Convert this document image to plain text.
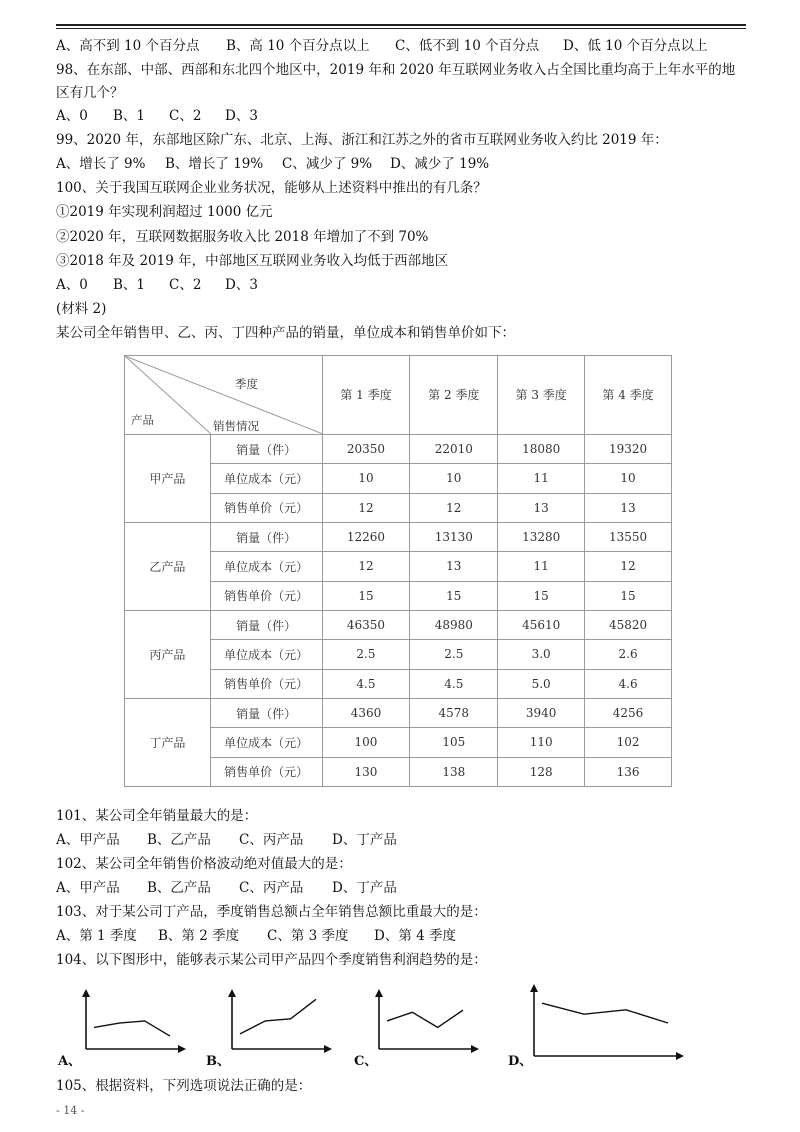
A、高不到 10 个百分点 B、高 10 个百分点以上 C、低不到 10 个百分点 D、低 10 个百分点以上
98、在东部、中部、西部和东北四个地区中，2019 年和 2020 年互联网业务收入占全国比重均高于上年水平的地
区有几个？
A、0 B、1 C、2 D、3
99、2020 年，东部地区除广东、北京、上海、浙江和江苏之外的省市互联网业务收入约比 2019 年：
A、增长了 9% B、增长了 19% C、减少了 9% D、减少了 19%
100、关于我国互联网企业业务状况，能够从上述资料中推出的有几条？
①2019 年实现利润超过 1000 亿元
②2020 年，互联网数据服务收入比 2018 年增加了不到 70%
③2018 年及 2019 年，中部地区互联网业务收入均低于西部地区
A、0 B、1 C、2 D、3
(材料 2)
某公司全年销售甲、乙、丙、丁四种产品的销量，单位成本和销售单价如下：
季度
产品 销售情况		第 1 季度	第 2 季度	第 3 季度	第 4 季度
甲产品	销量（件）	20350	22010	18080	19320
	单位成本（元）	10	10	11	10
	销售单价（元）	12	12	13	13
乙产品	销量（件）	12260	13130	13280	13550
	单位成本（元）	12	13	11	12
	销售单价（元）	15	15	15	15
丙产品	销量（件）	46350	48980	45610	45820
	单位成本（元）	2.5	2.5	3.0	2.6
	销售单价（元）	4.5	4.5	5.0	4.6
丁产品	销量（件）	4360	4578	3940	4256
	单位成本（元）	100	105	110	102
	销售单价（元）	130	138	128	136
101、某公司全年销量最大的是：
A、甲产品 B、乙产品 C、丙产品 D、丁产品
102、某公司全年销售价格波动绝对值最大的是：
A、甲产品 B、乙产品 C、丙产品 D、丁产品
103、对于某公司丁产品，季度销售总额占全年销售总额比重最大的是：
A、第 1 季度 B、第 2 季度 C、第 3 季度 D、第 4 季度
104、以下图形中，能够表示某公司甲产品四个季度销售利润趋势的是：
A、	B、	C、	D、
105、根据资料，下列选项说法正确的是：
- 14 -
